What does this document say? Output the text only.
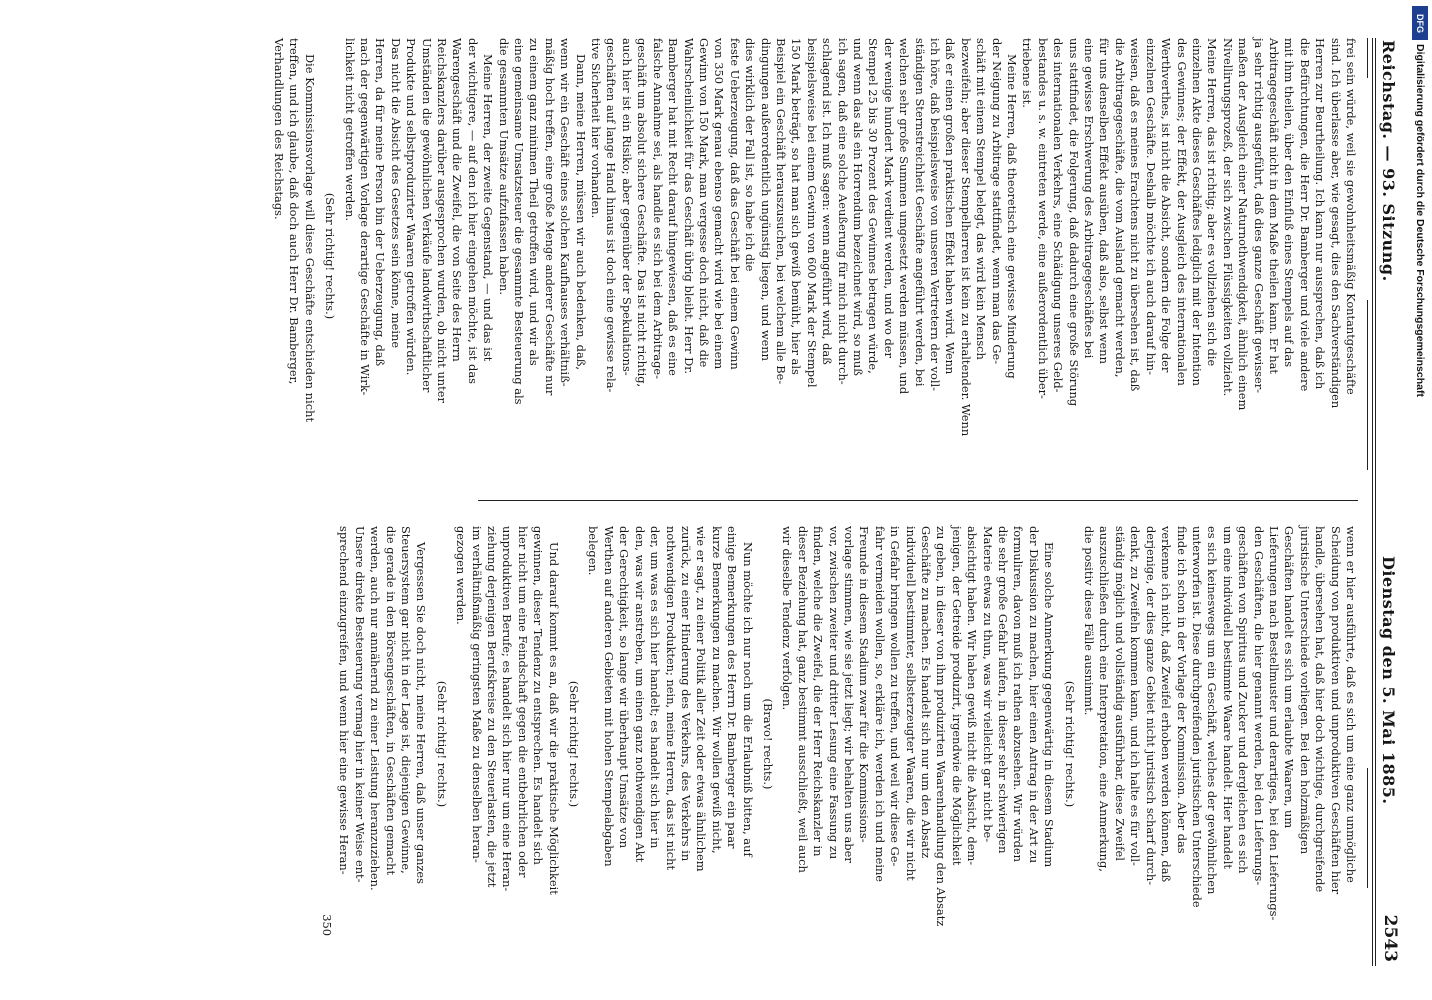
Reichstag. — 93. Sitzung.
Dienstag den 5. Mai 1885.
2543

frei sein würde, weil sie gewohnheitsmäßig Kontantgeschäfte

sind. Ich überlasse aber, wie gesagt, dies den Sachverständigen

Herren zur Beurtheilung. Ich kann nur aussprechen, daß ich

die Befürchtungen, die Herr Dr. Bamberger und viele andere

mit ihm theilen, über den Einfluß eines Stempels auf das

Arbitragegeschäft nicht in dem Maße theilen kann. Er hat

ja sehr richtig ausgeführt, daß dies ganze Geschäft gewisser-

maßen der Ausgleich einer Naturnothwendigkeit, ähnlich einem

Nivellirungsprozeß, der sich zwischen Flüssigkeiten vollzieht.

Meine Herren, das ist richtig; aber es vollziehen sich die

einzelnen Akte dieses Geschäftes lediglich mit der Intention

des Gewinnes; der Effekt, der Ausgleich des internationalen

Werthverthes, ist nicht die Absicht, sondern die Folge der

einzelnen Geschäfte. Deshalb möchte ich auch darauf hin-

weisen, daß es meines Erachtens nicht zu übersehen ist, daß

die Arbitragegeschäfte, die vom Ausland gemacht werden,

für uns denselben Effekt ausüben, daß also, selbst wenn

eine gewisse Erschwerung des Arbitragegeschäftes bei

uns stattfindet, die Folgerung, daß dadurch eine große Störung

des internationalen Verkehrs, eine Schädigung unseres Geld-

bestandes u. s. w. eintreten werde, eine außerordentlich über-

triebene ist.

Meine Herren, daß theoretisch eine gewisse Minderung

der Neigung zu Arbitrage stattfindet, wenn man das Ge-

schäft mit einem Stempel belegt, das wird kein Mensch

bezweifeln; aber dieser Stempelherren ist kein zu erhaltender. Wenn

daß er einen großen praktischen Effekt haben wird. Wenn

ich höre, daß beispielsweise von unseren Vertretern der voll-

ständigen Sternstreichheit Geschäfte angeführt werden, bei

welchen sehr große Summen umgesetzt werden müssen, und

der wenige hundert Mark verdient werden, und wo der

Stempel 25 bis 30 Prozent des Gewinnes betragen würde,

und wenn das als ein Horrendum bezeichnet wird, so muß

ich sagen, daß eine solche Aeußerung für mich nicht durch-

schlagend ist. Ich muß sagen: wenn angeführt wird, daß

beispielsweise bei einem Gewinn von 600 Mark der Stempel

150 Mark beträgt, so hat man sich gewiß bemüht, hier als

Beispiel ein Geschäft herauszusuchen, bei welchem alle Be-

dingungen außerordentlich ungünstig liegen, und wenn

dies wirklich der Fall ist, so habe ich die

feste Ueberzeugung, daß das Geschäft bei einem Gewinn

von 350 Mark genau ebenso gemacht wird wie bei einem

Gewinn von 150 Mark, man vergesse doch nicht, daß die

Wahrscheinlichkeit für das Geschäft übrig bleibt. Herr Dr.

Bamberger hat mit Recht darauf hingewiesen, daß es eine

falsche Annahme sei, als handle es sich bei dem Arbitrage-

geschäft um absolut sichere Geschäfte. Das ist nicht richtig,

auch hier ist ein Risiko; aber gegenüber der Spekulations-

geschäften auf lange Hand hinaus ist doch eine gewisse rela-

tive Sicherheit hier vorhanden.

Dann, meine Herren, müssen wir auch bedenken, daß,

wenn wir ein Geschäft eines solchen Kaufhauses verhältniß-

mäßig hoch treffen, eine große Menge anderer Geschäfte nur

zu einem ganz minimen Theil getroffen wird, und wir als

eine gemeinsame Umsatzsteuer die gesammte Besteuerung als

die gesammten Umsätze aufzufassen haben.

Meine Herren, der zweite Gegenstand, — und das ist

der wichtigere, — auf den ich hier eingehen möchte, ist das

Warengeschäft und die Zweifel, die von Seite des Herrn

Reichskanzlers darüber ausgesprochen wurden, ob nicht unter

Umständen die gewöhnlichen Verkäufe landwirthschaftlicher

Produkte und selbstproduzirter Waaren getroffen würden.

Das nicht die Absicht des Gesetzes sein könne, meine

Herren, da für meine Person bin der Ueberzeugung, daß

nach der gegenwärtigen Vorlage derartige Geschäfte in Wirk-

lichkeit nicht getroffen werden.

(Sehr richtig! rechts.)

Die Kommissionsvorlage will diese Geschäfte entschieden nicht

treffen, und ich glaube, daß doch auch Herr Dr. Bamberger,

Verhandlungen des Reichstags.

wenn er hier ausführte, daß es sich um eine ganz unmögliche

Scheidung von produktiven und unproduktiven Geschäften hier

handle, übersehen hat, daß hier doch wichtige, durchgreifende

juristische Unterschiede vorliegen. Bei den holzmäßigen

Geschäften handelt es sich um erlaubte Waaren, um

Lieferungen nach Bestellmuster und derartiges, bei den Lieferungs-

den Geschäften, die hier genannt werden, bei den Lieferungs-

geschäften von Spiritus und Zucker und dergleichen es sich

um eine individuell bestimmte Waare handelt. Hier handelt

es sich keineswegs um ein Geschäft, welches der gewöhnlichen

unterworfen ist. Diese durchgreifenden juristischen Unterschiede

finde ich schon in der Vorlage der Kommission. Aber das

verkenne ich nicht, daß Zweifel erhoben werden können, daß

derjenige, der dies ganze Gebiet nicht juristisch scharf durch-

denkt, zu Zweifeln kommen kann, und ich halte es für voll-

ständig möglich und vollständig ausführbar, diese Zweifel

auszuschließen durch eine Interpretation, eine Anmerkung,

die positiv diese Fälle ausnimmt.

(Sehr richtig! rechts.)

Eine solche Anmerkung gegenwärtig in diesem Stadium

der Diskussion zu machen, hier einen Antrag in der Art zu

formuliren, davon muß ich rathen abzusehen. Wir würden

die sehr große Gefahr laufen, in dieser sehr schwierigen

Materie etwas zu thun, was wir vielleicht gar nicht be-

absichtigt haben. Wir haben gewiß nicht die Absicht, dem-

jenigen, der Getreide produzirt, irgendwie die Möglichkeit

zu geben, in dieser von ihm produzirten Waarenhandlung den Absatz

Geschäfte zu machen. Es handelt sich nur um den Absatz

individuell bestimmter, selbsterzeugter Waaren, die wir nicht

in Gefahr bringen wollen zu treffen, und weil wir diese Ge-

fahr vermeiden wollen, so, erkläre ich, werden ich und meine

Freunde in diesem Stadium zwar für die Kommissions-

vorlage stimmen, wie sie jetzt liegt; wir behalten uns aber

vor, zwischen zweiter und dritter Lesung eine Fassung zu

finden, welche die Zweifel, die der Herr Reichskanzler in

dieser Beziehung hat, ganz bestimmt ausschließt, weil auch

wir dieselbe Tendenz verfolgen.

(Bravo! rechts.)

Nun möchte ich nur noch um die Erlaubniß bitten, auf

einige Bemerkungen des Herrn Dr. Bamberger ein paar

kurze Bemerkungen zu machen. Wir wollen gewiß nicht,

wie er sagt, zu einer Politik aller Zeit oder etwas ähnlichem

zurück, zu einer Hinderung des Verkehrs, des Verkehrs in

nothwendigen Produkten; nein, meine Herren, das ist nicht

der, um was es sich hier handelt; es handelt sich hier in

den, was wir anstreben, um einen ganz nothwendigen Akt

der Gerechtigkeit, so lange wir überhaupt Umsätze von

Werthen auf anderen Gebieten mit hohen Stempelabgaben

belegen.

(Sehr richtig! rechts.)

Und darauf kommt es an, daß wir die praktische Möglichkeit

gewinnen, dieser Tendenz zu entsprechen. Es handelt sich

hier nicht um eine Feindschaft gegen die entbehrlichen oder

unproduktiven Berufe; es handelt sich hier nur um eine Heran-

ziehung derjenigen Berufskreise zu den Steuerlasten, die jetzt

im verhältnißmäßig geringsten Maße zu denselben heran-

gezogen werden.

(Sehr richtig! rechts.)

Vergessen Sie doch nicht, meine Herren, daß unser ganzes

Steuersystem gar nicht in der Lage ist, diejenigen Gewinne,

die gerade in den Börsengeschäften, in Geschäften gemacht

werden, auch nur annähernd zu einer Leistung heranzuziehen.

Unsere direkte Besteuerung vermag hier in keiner Weise ent-

sprechend einzugreifen, und wenn hier eine gewisse Heran-

350

DFG
Digitalisierung gefördert durch die Deutsche Forschungsgemeinschaft
